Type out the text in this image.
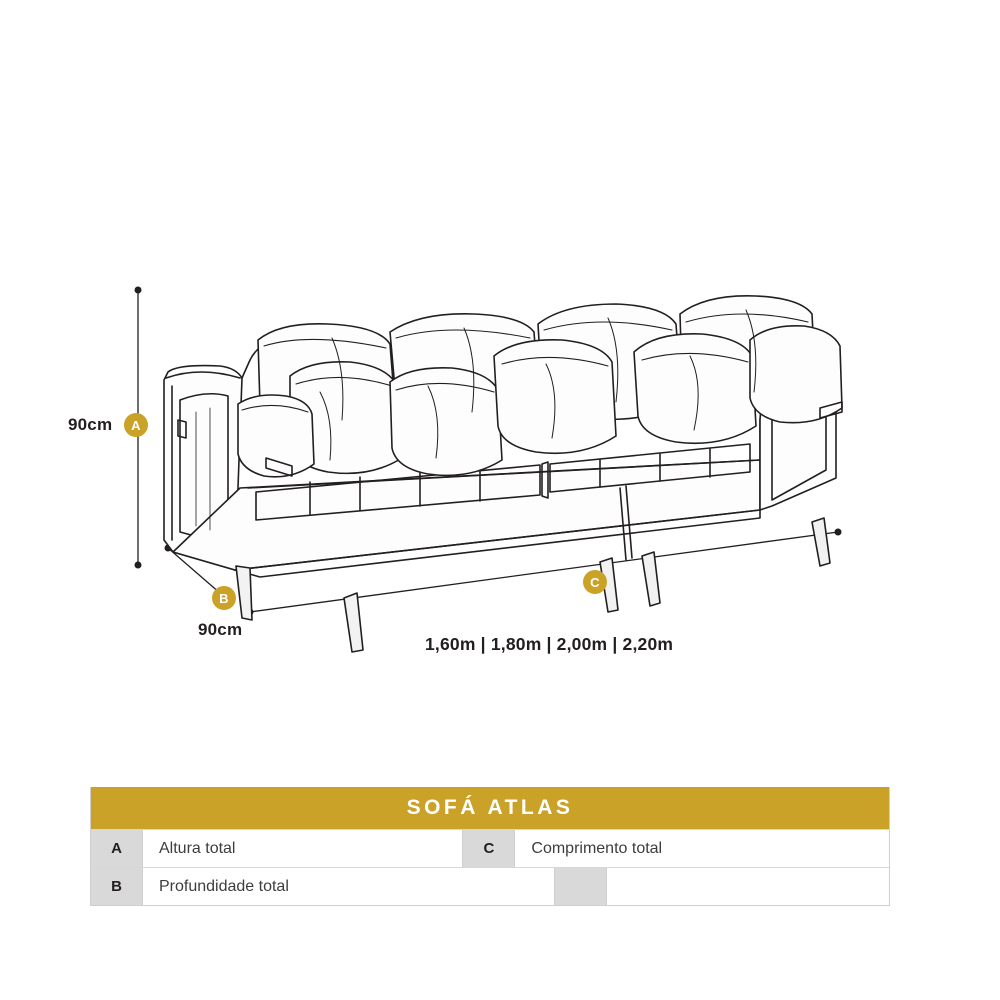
90cm	A
90cm
B
1,60m | 1,80m | 2,00m | 2,20m
C
SOFÁ ATLAS
A	Altura total	C	Comprimento total
B	Profundidade total
